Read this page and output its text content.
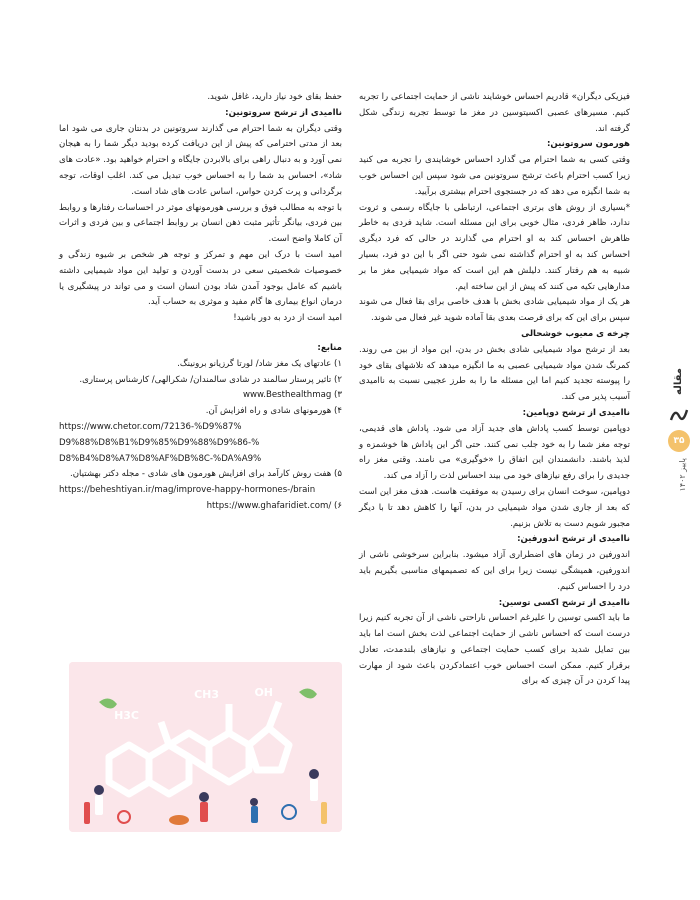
فیزیکی دیگران» قادریم احساس خوشایند ناشی از حمایت اجتماعی را تجربه کنیم. مسیرهای عصبی اکسیتوسین در مغز ما توسط تجربه زندگی شکل گرفته اند.

هورمون سروتونین:

وقتی کسی به شما احترام می گذارد احساس خوشایندی را تجربه می کنید زیرا کسب احترام باعث ترشح سروتونین می شود سپس این احساس خوب به شما انگیزه می دهد که در جستجوی احترام بیشتری برآیید.

*بسیاری از روش های برتری اجتماعی، ارتباطی با جایگاه رسمی و ثروت ندارد، ظاهر فردی، مثال خوبی برای این مسئله است. شاید فردی به خاطر ظاهرش احساس کند به او احترام می گذارند در حالی که فرد دیگری احساس کند به او احترام گذاشته نمی شود حتی اگر با این دو فرد، بسیار شبیه به هم رفتار کنند. دلیلش هم این است که مواد شیمیایی مغز ما بر مدارهایی تکیه می کنند که پیش از این ساخته ایم.

هر یک از مواد شیمیایی شادی بخش با هدف خاصی برای بقا فعال می شوند سپس برای این که برای فرصت بعدی بقا آماده شوید غیر فعال می شوند.

چرخه ی معیوب خوشحالی

بعد از ترشح مواد شیمیایی شادی بخش در بدن، این مواد از بین می روند. کمرنگ شدن مواد شیمیایی عصبی به ما انگیزه میدهد که تلاشهای بقای خود را پیوسته تجدید کنیم اما این مسئله ما را به طرز عجیبی نسبت به ناامیدی آسیب پذیر می کند.

ناامیدی از ترشح دوپامین:

دوپامین توسط کسب پاداش های جدید آزاد می شود. پاداش های قدیمی، توجه مغز شما را به خود جلب نمی کنند. حتی اگر این پاداش ها خوشمزه و لذیذ باشند. دانشمندان این اتفاق را «خوگیری» می نامند. وقتی مغز راه جدیدی را برای رفع نیازهای خود می بیند احساس لذت را آزاد می کند.

دوپامین، سوخت انسان برای رسیدن به موفقیت هاست. هدف مغز این است که بعد از جاری شدن مواد شیمیایی در بدن، آنها را کاهش دهد تا با دیگر مجبور شویم دست به تلاش بزنیم.

ناامیدی از ترشح اندورفین:

اندورفین در زمان های اضطراری آزاد میشود. بنابراین سرخوشی ناشی از اندورفین، همیشگی نیست زیرا برای این که تصمیمهای مناسبی بگیریم باید درد را احساس کنیم.

ناامیدی از ترشح اکسی توسین:

ما باید اکسی توسین را علیرغم احساس ناراحتی ناشی از آن تجربه کنیم زیرا درست است که احساس ناشی از حمایت اجتماعی لذت بخش است اما باید بین تمایل شدید برای کسب حمایت اجتماعی و نیازهای بلندمدت، تعادل برقرار کنیم. ممکن است احساس خوب اعتمادکردن باعث شود از مهارت پیدا کردن در آن چیزی که برای

حفظ بقای خود نیاز دارید، غافل شوید.

ناامیدی از ترشح سروتونین:

وقتی دیگران به شما احترام می گذارند سروتونین در بدنتان جاری می شود اما بعد از مدتی احترامی که پیش از این دریافت کرده بودید دیگر شما را به هیجان نمی آورد و به دنبال راهی برای بالابردن جایگاه و احترام خواهید بود. «عادت های شاد»، احساس بد شما را به احساس خوب تبدیل می کند. اغلب اوقات، توجه برگردانی و پرت کردن حواس، اساس عادت های شاد است.

با توجه به مطالب فوق و بررسی هورمونهای موثر در احساسات رفتارها و روابط بین فردی، بیانگر تأثیر مثبت ذهن انسان بر روابط اجتماعی و بین فردی و اثرات آن کاملا واضح است.

امید است با درک این مهم و تمرکز و توجه هر شخص بر شیوه زندگی و خصوصیات شخصیتی سعی در بدست آوردن و تولید این مواد شیمیایی داشته باشیم که عامل بوجود آمدن شاد بودن انسان است و می تواند در پیشگیری یا درمان انواع بیماری ها گام مفید و موثری به حساب آید.

امید است از درد به دور باشید!

منابع:

۱) عادتهای یک مغز شاد/ لورتا گرزیانو برونینگ.

۲) تاثیر پرستار سالمند در شادی سالمندان/ شکرالهی/ کارشناس پرستاری.

www.Besthealthmag (۳

۴) هورمونهای شادی و راه افزایش آن.

https://www.chetor.com/72136-%D9%87%

D9%88%D8%B1%D9%85%D9%88%D9%86-%

D8%B4%D8%A7%D8%AF%DB%8C-%DA%A9%

۵) هفت روش کارآمد برای افزایش هورمون های شادی - مجله دکتر بهشتیان.

https://beheshtiyan.ir/mag/improve-happy-hormones-/brain

https://www.ghafaridiet.com/ (۶

CH3	OH
H3C
مقاله
۳۵
پاییز ۱۴۰۲
